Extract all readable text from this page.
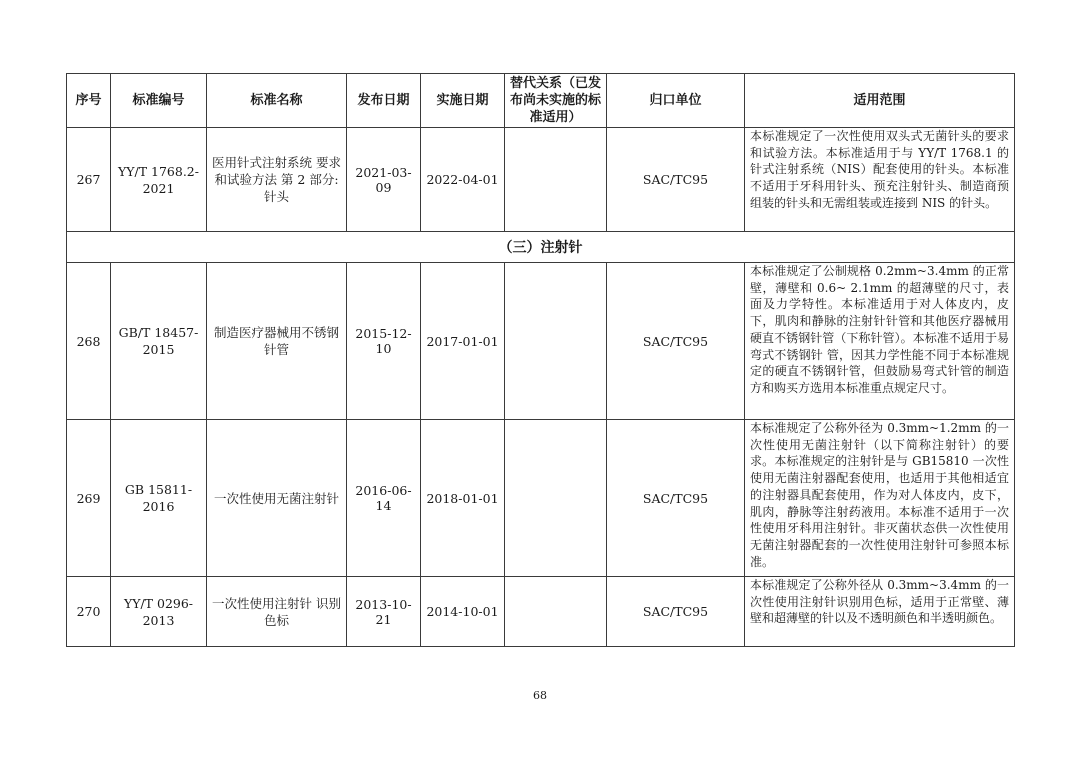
序号	标准编号	标准名称	发布日期	实施日期	替代关系（已发布尚未实施的标准适用）	归口单位	适用范围
267	YY/T 1768.2-2021	医用针式注射系统 要求和试验方法 第 2 部分: 针头	2021-03-09	2022-04-01		SAC/TC95	本标准规定了一次性使用双头式无菌针头的要求和试验方法。本标准适用于与 YY/T 1768.1 的针式注射系统（NIS）配套使用的针头。本标准不适用于牙科用针头、预充注射针头、制造商预组装的针头和无需组装或连接到 NIS 的针头。
（三）注射针							
268	GB/T 18457-2015	制造医疗器械用不锈钢针管	2015-12-10	2017-01-01		SAC/TC95	本标准规定了公制规格 0.2mm~3.4mm 的正常壁，薄壁和 0.6~ 2.1mm 的超薄壁的尺寸，表面及力学特性。本标准适用于对人体皮内，皮下，肌肉和静脉的注射针针管和其他医疗器械用硬直不锈钢针管（下称针管）。本标准不适用于易弯式不锈钢针 管，因其力学性能不同于本标准规定的硬直不锈钢针管，但鼓励易弯式针管的制造方和购买方选用本标准重点规定尺寸。
269	GB 15811-2016	一次性使用无菌注射针	2016-06-14	2018-01-01		SAC/TC95	本标准规定了公称外径为 0.3mm~1.2mm 的一次性使用无菌注射针（以下简称注射针）的要求。本标准规定的注射针是与 GB15810 一次性使用无菌注射器配套使用，也适用于其他相适宜的注射器具配套使用，作为对人体皮内，皮下，肌肉，静脉等注射药液用。本标准不适用于一次性使用牙科用注射针。非灭菌状态供一次性使用无菌注射器配套的一次性使用注射针可参照本标准。
270	YY/T 0296-2013	一次性使用注射针 识别色标	2013-10-21	2014-10-01		SAC/TC95	本标准规定了公称外径从 0.3mm~3.4mm 的一次性使用注射针识别用色标，适用于正常壁、薄壁和超薄壁的针以及不透明颜色和半透明颜色。
68
